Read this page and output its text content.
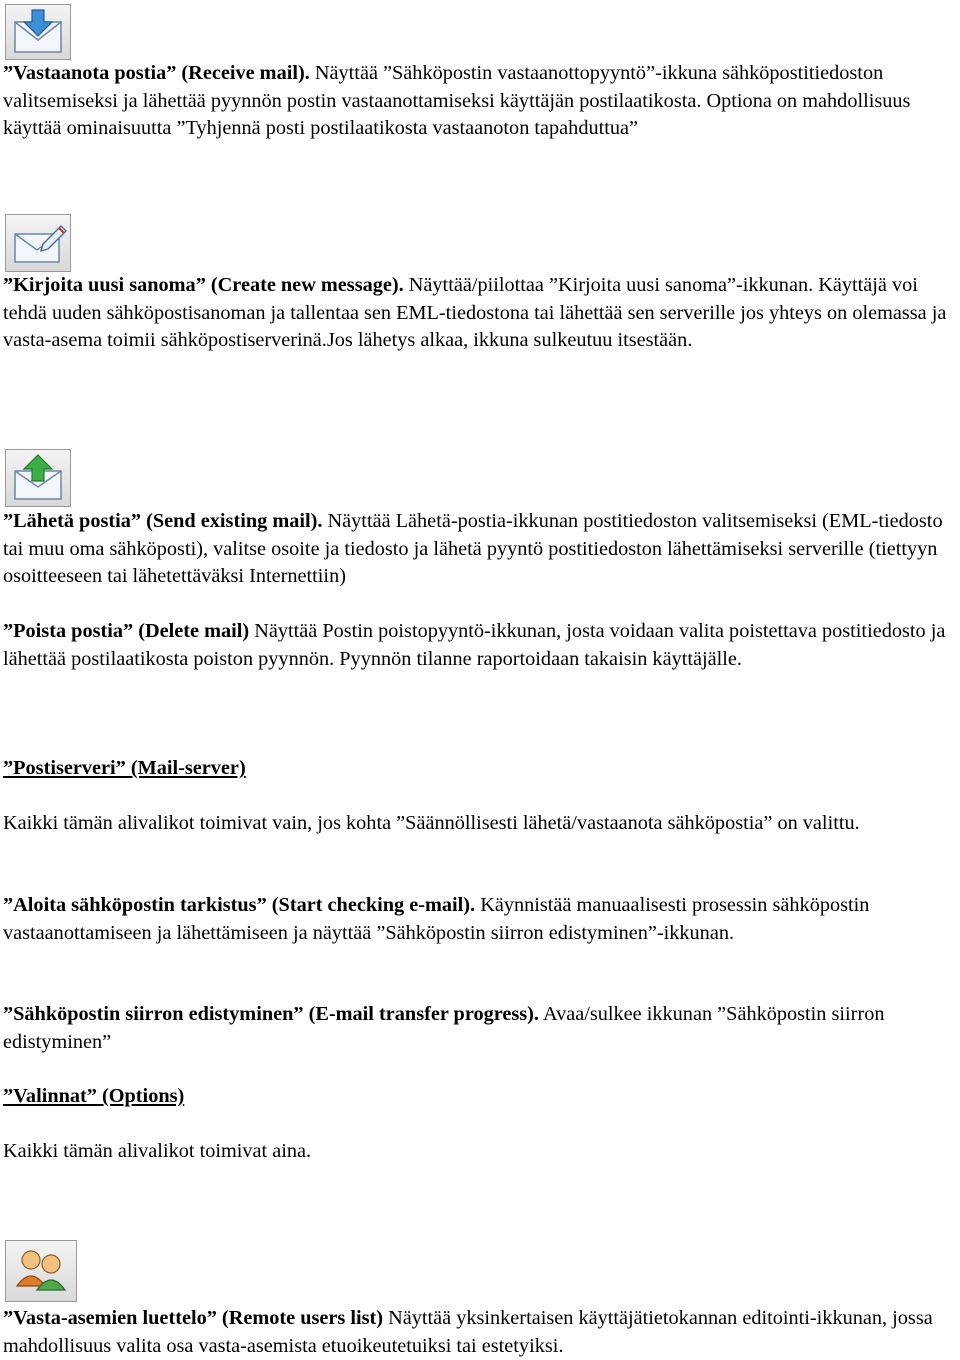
”Vastaanota postia” (Receive mail). Näyttää ”Sähköpostin vastaanottopyyntö”-ikkuna sähköpostitiedoston valitsemiseksi ja lähettää pyynnön postin vastaanottamiseksi käyttäjän postilaatikosta. Optiona on mahdollisuus käyttää ominaisuutta ”Tyhjennä posti postilaatikosta vastaanoton tapahduttua”

”Kirjoita uusi sanoma” (Create new message). Näyttää/piilottaa ”Kirjoita uusi sanoma”-ikkunan. Käyttäjä voi tehdä uuden sähköpostisanoman ja tallentaa sen EML-tiedostona tai lähettää sen serverille jos yhteys on olemassa ja vasta-asema toimii sähköpostiserverinä.Jos lähetys alkaa, ikkuna sulkeutuu itsestään.

”Lähetä postia” (Send existing mail). Näyttää Lähetä-postia-ikkunan postitiedoston valitsemiseksi (EML-tiedosto tai muu oma sähköposti), valitse osoite ja tiedosto ja lähetä pyyntö postitiedoston lähettämiseksi serverille (tiettyyn osoitteeseen tai lähetettäväksi Internettiin)

”Poista postia” (Delete mail) Näyttää Postin poistopyyntö-ikkunan, josta voidaan valita poistettava postitiedosto ja lähettää postilaatikosta poiston pyynnön. Pyynnön tilanne raportoidaan takaisin käyttäjälle.

”Postiserveri” (Mail-server)

Kaikki tämän alivalikot toimivat vain, jos kohta ”Säännöllisesti lähetä/vastaanota sähköpostia” on valittu.

”Aloita sähköpostin tarkistus” (Start checking e-mail). Käynnistää manuaalisesti prosessin sähköpostin vastaanottamiseen ja lähettämiseen ja näyttää ”Sähköpostin siirron edistyminen”-ikkunan.

”Sähköpostin siirron edistyminen” (E-mail transfer progress). Avaa/sulkee ikkunan ”Sähköpostin siirron edistyminen”

”Valinnat” (Options)

Kaikki tämän alivalikot toimivat aina.

”Vasta-asemien luettelo” (Remote users list) Näyttää yksinkertaisen käyttäjätietokannan editointi-ikkunan, jossa mahdollisuus valita osa vasta-asemista etuoikeutetuiksi tai estetyiksi.
